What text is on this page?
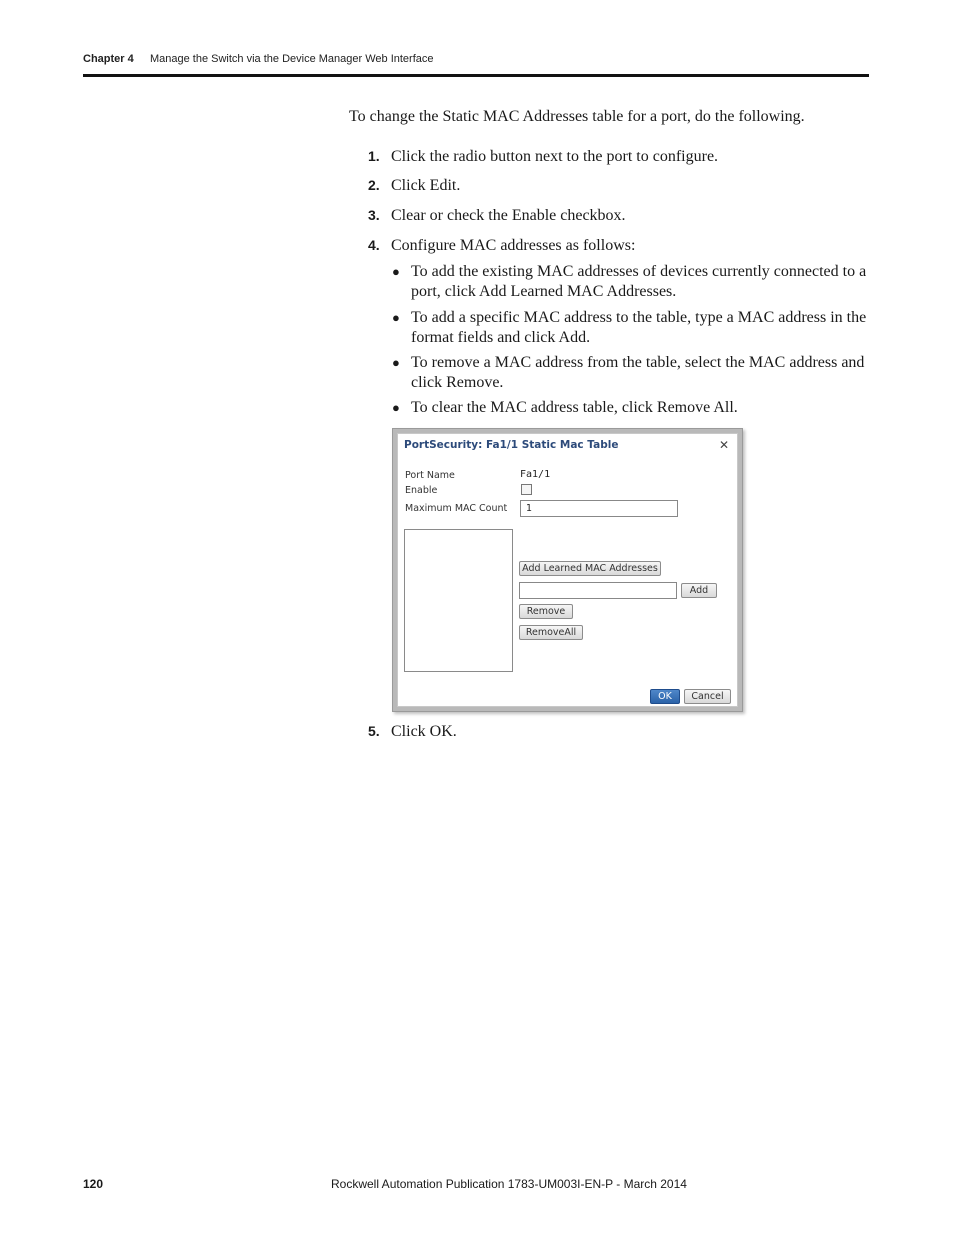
Chapter 4 Manage the Switch via the Device Manager Web Interface
To change the Static MAC Addresses table for a port, do the following.
1. Click the radio button next to the port to configure.
2. Click Edit.
3. Clear or check the Enable checkbox.
4. Configure MAC addresses as follows:
● To add the existing MAC addresses of devices currently connected to a port, click Add Learned MAC Addresses.
● To add a specific MAC address to the table, type a MAC address in the format fields and click Add.
● To remove a MAC address from the table, select the MAC address and click Remove.
● To clear the MAC address table, click Remove All.
PortSecurity: Fa1/1 Static Mac Table	✕
Port Name	Fa1/1
Enable
Maximum MAC Count	1
Add Learned MAC Addresses
Add
Remove
RemoveAll
OK	Cancel
5. Click OK.
120	Rockwell Automation Publication 1783-UM003I-EN-P - March 2014
